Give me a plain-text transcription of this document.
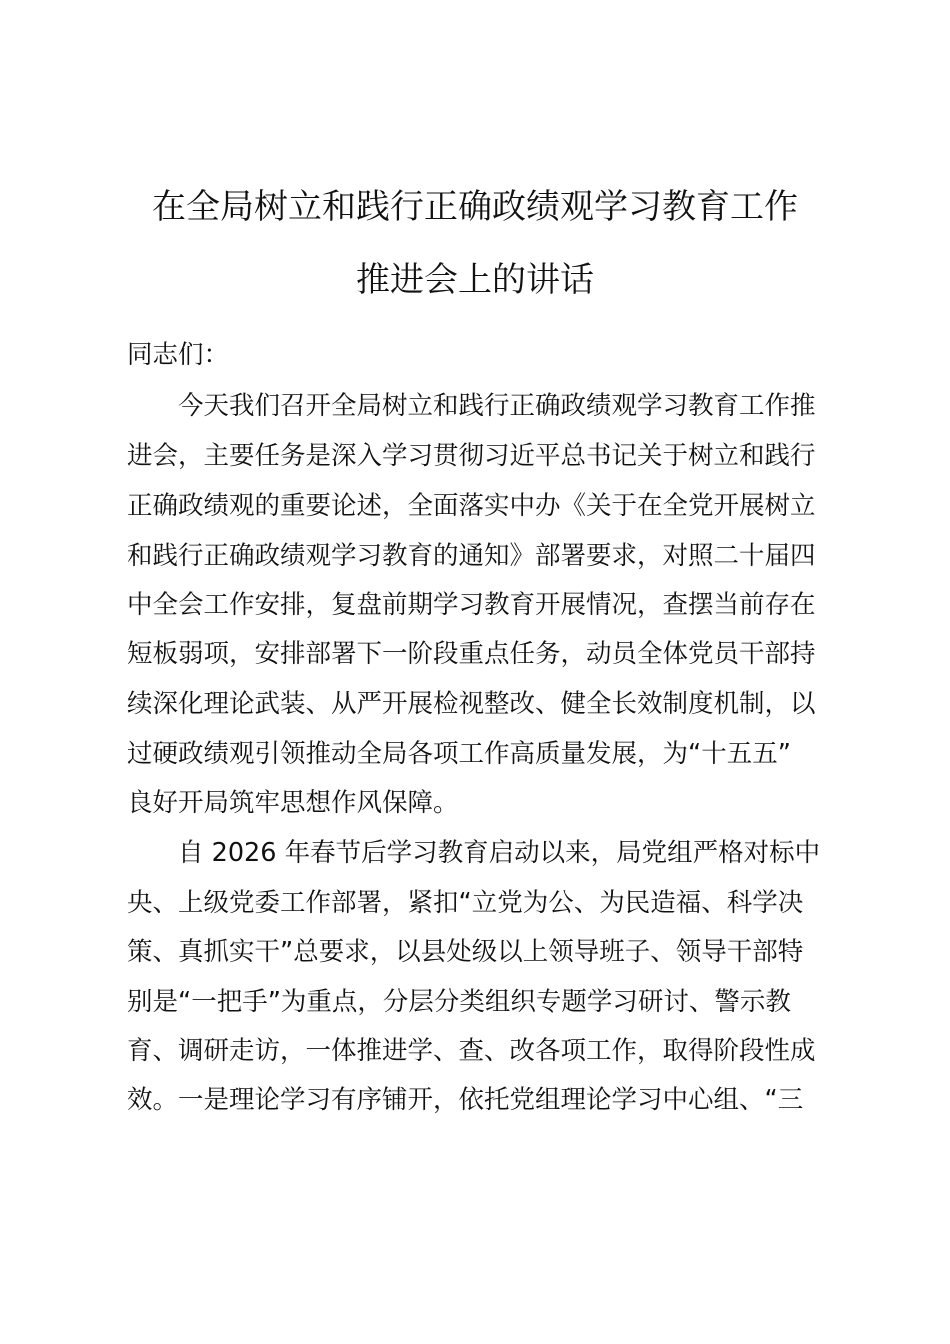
在全局树立和践行正确政绩观学习教育工作
推进会上的讲话
同志们：
今天我们召开全局树立和践行正确政绩观学习教育工作推
进会，主要任务是深入学习贯彻习近平总书记关于树立和践行
正确政绩观的重要论述，全面落实中办《关于在全党开展树立
和践行正确政绩观学习教育的通知》部署要求，对照二十届四
中全会工作安排，复盘前期学习教育开展情况，查摆当前存在
短板弱项，安排部署下一阶段重点任务，动员全体党员干部持
续深化理论武装、从严开展检视整改、健全长效制度机制，以
过硬政绩观引领推动全局各项工作高质量发展，为“十五五”
良好开局筑牢思想作风保障。
自 2026 年春节后学习教育启动以来，局党组严格对标中
央、上级党委工作部署，紧扣“立党为公、为民造福、科学决
策、真抓实干”总要求，以县处级以上领导班子、领导干部特
别是“一把手”为重点，分层分类组织专题学习研讨、警示教
育、调研走访，一体推进学、查、改各项工作，取得阶段性成
效。一是理论学习有序铺开，依托党组理论学习中心组、“三
